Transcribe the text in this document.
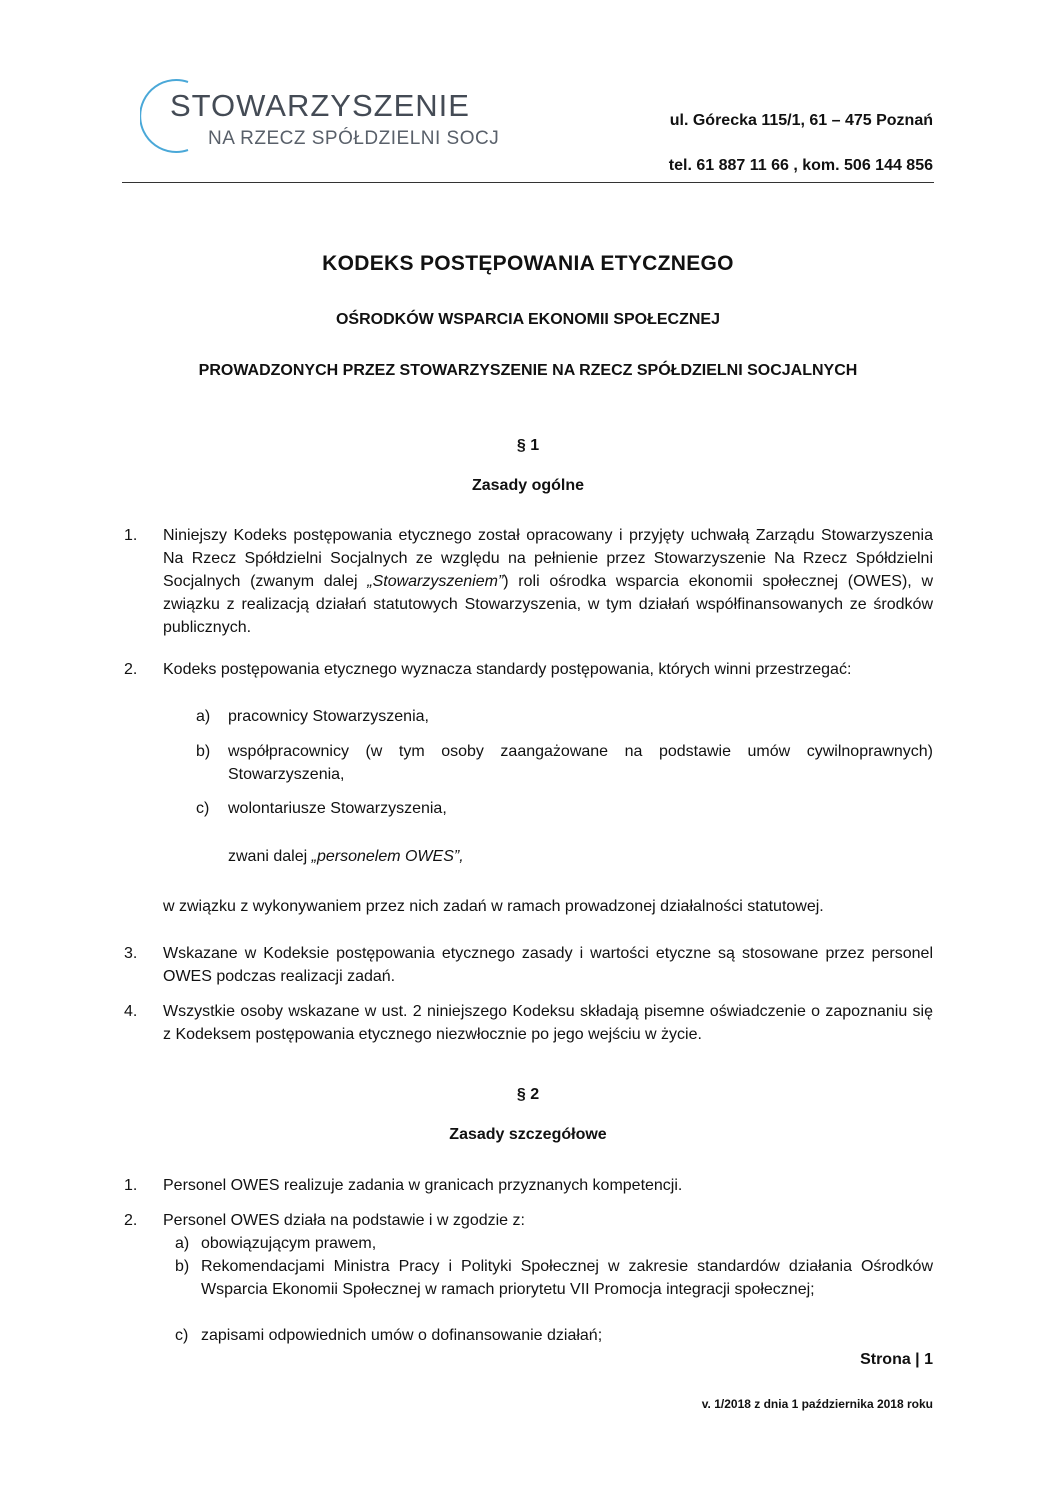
STOWARZYSZENIE
NA RZECZ SPÓŁDZIELNI SOCJ
ul. Górecka 115/1, 61 – 475 Poznań
tel. 61 887 11 66 , kom. 506 144 856
KODEKS POSTĘPOWANIA ETYCZNEGO
OŚRODKÓW WSPARCIA EKONOMII SPOŁECZNEJ
PROWADZONYCH PRZEZ STOWARZYSZENIE NA RZECZ SPÓŁDZIELNI SOCJALNYCH
§ 1
Zasady ogólne
1.	Niniejszy Kodeks postępowania etycznego został opracowany i przyjęty uchwałą Zarządu Stowarzyszenia Na Rzecz Spółdzielni Socjalnych ze względu na pełnienie przez Stowarzyszenie Na Rzecz Spółdzielni Socjalnych (zwanym dalej „Stowarzyszeniem”) roli ośrodka wsparcia ekonomii społecznej (OWES), w związku z realizacją działań statutowych Stowarzyszenia, w tym działań współfinansowanych ze środków publicznych.
2.	Kodeks postępowania etycznego wyznacza standardy postępowania, których winni przestrzegać:
a)	pracownicy Stowarzyszenia,
b)	współpracownicy (w tym osoby zaangażowane na podstawie umów cywilnoprawnych) Stowarzyszenia,
c)	wolontariusze Stowarzyszenia,
zwani dalej „personelem OWES”,
w związku z wykonywaniem przez nich zadań w ramach prowadzonej działalności statutowej.
3.	Wskazane w Kodeksie postępowania etycznego zasady i wartości etyczne są stosowane przez personel OWES podczas realizacji zadań.
4.	Wszystkie osoby wskazane w ust. 2 niniejszego Kodeksu składają pisemne oświadczenie o zapoznaniu się z Kodeksem postępowania etycznego niezwłocznie po jego wejściu w życie.
§ 2
Zasady szczegółowe
1.	Personel OWES realizuje zadania w granicach przyznanych kompetencji.
2.	Personel OWES działa na podstawie i w zgodzie z:
a) obowiązującym prawem,
b) Rekomendacjami Ministra Pracy i Polityki Społecznej w zakresie standardów działania Ośrodków Wsparcia Ekonomii Społecznej w ramach priorytetu VII Promocja integracji społecznej;
c) zapisami odpowiednich umów o dofinansowanie działań;
Strona | 1
v. 1/2018 z dnia 1 października 2018 roku
